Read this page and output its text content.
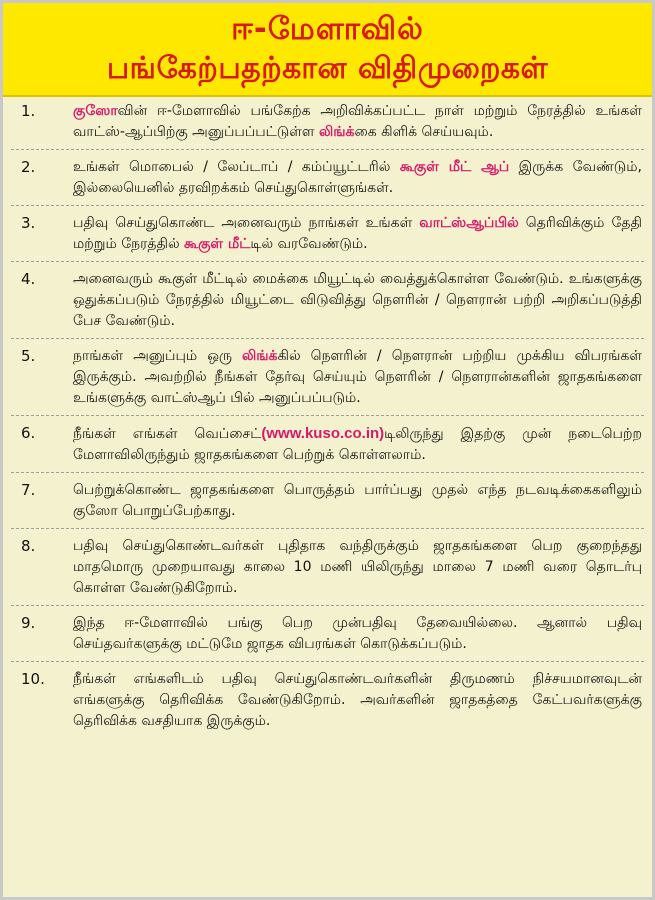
ஈ-மேளாவில்
பங்கேற்பதற்கான விதிமுறைகள்
1.	குஸோவின் ஈ-மேளாவில் பங்கேற்க அறிவிக்கப்பட்ட நாள் மற்றும் நேரத்தில் உங்கள் வாட்ஸ்-ஆப்பிற்கு அனுப்பப்பட்டுள்ள லிங்க்கை கிளிக் செய்யவும்.
2.	உங்கள் மொபைல் / லேப்டாப் / கம்ப்யூட்டரில் கூகுள் மீட் ஆப் இருக்க வேண்டும், இல்லையெனில் தரவிறக்கம் செய்துகொள்ளுங்கள்.
3.	பதிவு செய்துகொண்ட அனைவரும் நாங்கள் உங்கள் வாட்ஸ்ஆப்பில் தெரிவிக்கும் தேதி மற்றும் நேரத்தில் கூகுள் மீட்டில் வரவேண்டும்.
4.	அனைவரும் கூகுள் மீட்டில் மைக்கை மியூட்டில் வைத்துக்கொள்ள வேண்டும். உங்களுக்கு ஒதுக்கப்படும் நேரத்தில் மியூட்டை விடுவித்து நௌரின் / நௌரான் பற்றி அறிகப்படுத்தி பேச வேண்டும்.
5.	நாங்கள் அனுப்பும் ஒரு லிங்க்கில் நௌரின் / நௌரான் பற்றிய முக்கிய விபரங்கள் இருக்கும். அவற்றில் நீங்கள் தேர்வு செய்யும் நௌரின் / நௌரான்களின் ஜாதகங்களை உங்களுக்கு வாட்ஸ்ஆப் பில் அனுப்பப்படும்.
6.	நீங்கள் எங்கள் வெப்சைட்(www.kuso.co.in)டிலிருந்து இதற்கு முன் நடைபெற்ற மேளாவிலிருந்தும் ஜாதகங்களை பெற்றுக் கொள்ளலாம்.
7.	பெற்றுக்கொண்ட ஜாதகங்களை பொருத்தம் பார்ப்பது முதல் எந்த நடவடிக்கைகளிலும் குஸோ பொறுப்பேற்காது.
8.	பதிவு செய்துகொண்டவர்கள் புதிதாக வந்திருக்கும் ஜாதகங்களை பெற குறைந்தது மாதமொரு முறையாவது காலை 10 மணி யிலிருந்து மாலை 7 மணி வரை தொடர்பு கொள்ள வேண்டுகிறோம்.
9.	இந்த ஈ-மேளாவில் பங்கு பெற முன்பதிவு தேவையில்லை. ஆனால் பதிவு செய்தவர்களுக்கு மட்டுமே ஜாதக விபரங்கள் கொடுக்கப்படும்.
10.	நீங்கள் எங்களிடம் பதிவு செய்துகொண்டவர்களின் திருமணம் நிச்சயமானவுடன் எங்களுக்கு தெரிவிக்க வேண்டுகிறோம். அவர்களின் ஜாதகத்தை கேட்பவர்களுக்கு தெரிவிக்க வசதியாக இருக்கும்.
